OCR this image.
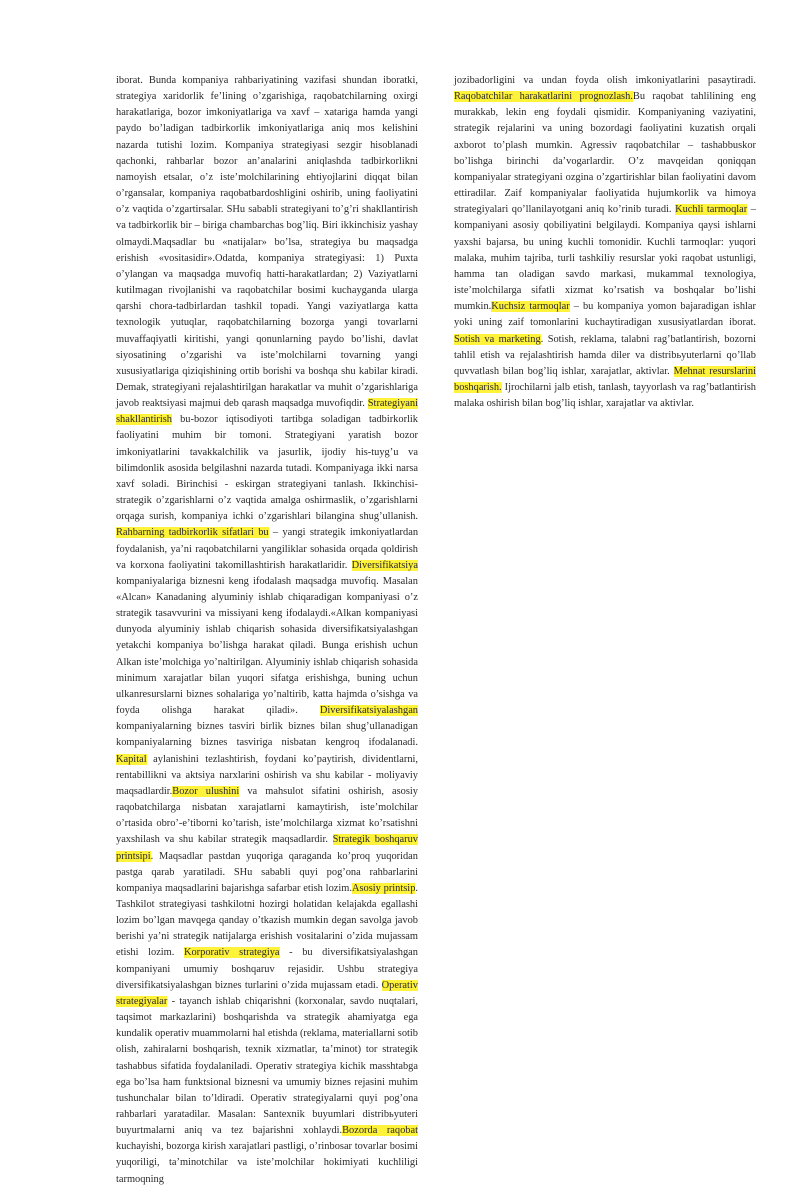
iborat. Bunda kompaniya rahbariyatining vazifasi shundan iboratki, strategiya xaridorlik fe’lining o’zgarishiga, raqobatchilarning oxirgi harakatlariga, bozor imkoniyatlariga va xavf – xatariga hamda yangi paydo bo’ladigan tadbirkorlik imkoniyatlariga aniq mos kelishini nazarda tutishi lozim. Kompaniya strategiyasi sezgir hisoblanadi qachonki, rahbarlar bozor an’analarini aniqlashda tadbirkorlikni namoyish etsalar, o’z iste’molchilarining ehtiyojlarini diqqat bilan o’rgansalar, kompaniya raqobatbardoshligini oshirib, uning faoliyatini o’z vaqtida o’zgartirsalar. SHu sababli strategiyani to’g’ri shakllantirish va tadbirkorlik bir – biriga chambarchas bog’liq. Biri ikkinchisiz yashay olmaydi.Maqsadlar bu «natijalar» bo’lsa, strategiya bu maqsadga erishish «vositasidir».Odatda, kompaniya strategiyasi: 1) Puxta o’ylangan va maqsadga muvofiq hatti-harakatlardan; 2) Vaziyatlarni kutilmagan rivojlanishi va raqobatchilar bosimi kuchayganda ularga qarshi chora-tadbirlardan tashkil topadi. Yangi vaziyatlarga katta texnologik yutuqlar, raqobatchilarning bozorga yangi tovarlarni muvaffaqiyatli kiritishi, yangi qonunlarning paydo bo’lishi, davlat siyosatining o’zgarishi va iste’molchilarni tovarning yangi xususiyatlariga qiziqishining ortib borishi va boshqa shu kabilar kiradi. Demak, strategiyani rejalashtirilgan harakatlar va muhit o’zgarishlariga javob reaktsiyasi majmui deb qarash maqsadga muvofiqdir. Strategiyani shakllantirish bu-bozor iqtisodiyoti tartibga soladigan tadbirkorlik faoliyatini muhim bir tomoni. Strategiyani yaratish bozor imkoniyatlarini tavakkalchilik va jasurlik, ijodiy his-tuyg’u va bilimdonlik asosida belgilashni nazarda tutadi. Kompaniyaga ikki narsa xavf soladi. Birinchisi - eskirgan strategiyani tanlash. Ikkinchisi-strategik o’zgarishlarni o’z vaqtida amalga oshirmaslik, o’zgarishlarni orqaga surish, kompaniya ichki o’zgarishlari bilangina shug’ullanish. Rahbarning tadbirkorlik sifatlari bu – yangi strategik imkoniyatlardan foydalanish, ya’ni raqobatchilarni yangiliklar sohasida orqada qoldirish va korxona faoliyatini takomillashtirish harakatlaridir. Diversifikatsiya kompaniyalariga biznesni keng ifodalash maqsadga muvofiq. Masalan «Alcan» Kanadaning alyuminiy ishlab chiqaradigan kompaniyasi o’z strategik tasavvurini va missiyani keng ifodalaydi.«Alkan kompaniyasi dunyoda alyuminiy ishlab chiqarish sohasida diversifikatsiyalashgan yetakchi kompaniya bo’lishga harakat qiladi. Bunga erishish uchun Alkan iste’molchiga yo’naltirilgan. Alyuminiy ishlab chiqarish sohasida minimum xarajatlar bilan yuqori sifatga erishishga, buning uchun ulkanresurslarni biznes sohalariga yo’naltirib, katta hajmda o’sishga va foyda olishga harakat qiladi». Diversifikatsiyalashgan kompaniyalarning biznes tasviri birlik biznes bilan shug’ullanadigan kompaniyalarning biznes tasviriga nisbatan kengroq ifodalanadi. Kapital aylanishini tezlashtirish, foydani ko’paytirish, dividentlarni, rentabillikni va aktsiya narxlarini oshirish va shu kabilar - moliyaviy maqsadlardir.Bozor ulushini va mahsulot sifatini oshirish, asosiy raqobatchilarga nisbatan xarajatlarni kamaytirish, iste’molchilar o’rtasida obro’-e’tiborni ko’tarish, iste’molchilarga xizmat ko’rsatishni yaxshilash va shu kabilar strategik maqsadlardir. Strategik boshqaruv printsipi. Maqsadlar pastdan yuqoriga qaraganda ko’proq yuqoridan pastga qarab yaratiladi. SHu sababli quyi pog’ona rahbarlarini kompaniya maqsadlarini bajarishga safarbar etish lozim.Asosiy printsip. Tashkilot strategiyasi tashkilotni hozirgi holatidan kelajakda egallashi lozim bo’lgan mavqega qanday o’tkazish mumkin degan savolga javob berishi ya’ni strategik natijalarga erishish vositalarini o’zida mujassam etishi lozim. Korporativ strategiya - bu diversifikatsiyalashgan kompaniyani umumiy boshqaruv rejasidir. Ushbu strategiya diversifikatsiyalashgan biznes turlarini o’zida mujassam etadi. Operativ strategiyalar - tayanch ishlab chiqarishni (korxonalar, savdo nuqtalari, taqsimot markazlarini) boshqarishda va strategik ahamiyatga ega kundalik operativ muammolarni hal etishda (reklama, materiallarni sotib olish, zahiralarni boshqarish, texnik xizmatlar, ta’minot) tor strategik tashabbus sifatida foydalaniladi. Operativ strategiya kichik masshtabga ega bo’lsa ham funktsional biznesni va umumiy biznes rejasini muhim tushunchalar bilan to’ldiradi. Operativ strategiyalarni quyi pog’ona rahbarlari yaratadilar. Masalan: Santexnik buyumlari distribьyuteri buyurtmalarni aniq va tez bajarishni xohlaydi.Bozorda raqobat kuchayishi, bozorga kirish xarajatlari pastligi, o’rinbosar tovarlar bosimi yuqoriligi, ta’minotchilar va iste’molchilar hokimiyati kuchliligi tarmoqning

jozibadorligini va undan foyda olish imkoniyatlarini pasaytiradi. Raqobatchilar harakatlarini prognozlash.Bu raqobat tahlilining eng murakkab, lekin eng foydali qismidir. Kompaniyaning vaziyatini, strategik rejalarini va uning bozordagi faoliyatini kuzatish orqali axborot to’plash mumkin. Agressiv raqobatchilar – tashabbuskor bo’lishga birinchi da’vogarlardir. O’z mavqeidan qoniqqan kompaniyalar strategiyani ozgina o’zgartirishlar bilan faoliyatini davom ettiradilar. Zaif kompaniyalar faoliyatida hujumkorlik va himoya strategiyalari qo’llanilayotgani aniq ko’rinib turadi. Kuchli tarmoqlar – kompaniyani asosiy qobiliyatini belgilaydi. Kompaniya qaysi ishlarni yaxshi bajarsa, bu uning kuchli tomonidir. Kuchli tarmoqlar: yuqori malaka, muhim tajriba, turli tashkiliy resurslar yoki raqobat ustunligi, hamma tan oladigan savdo markasi, mukammal texnologiya, iste’molchilarga sifatli xizmat ko’rsatish va boshqalar bo’lishi mumkin.Kuchsiz tarmoqlar – bu kompaniya yomon bajaradigan ishlar yoki uning zaif tomonlarini kuchaytiradigan xususiyatlardan iborat. Sotish va marketing. Sotish, reklama, talabni rag’batlantirish, bozorni tahlil etish va rejalashtirish hamda diler va distribьyuterlarni qo’llab quvvatlash bilan bog’liq ishlar, xarajatlar, aktivlar. Mehnat resurslarini boshqarish. Ijrochilarni jalb etish, tanlash, tayyorlash va rag’batlantirish malaka oshirish bilan bog’liq ishlar, xarajatlar va aktivlar.
